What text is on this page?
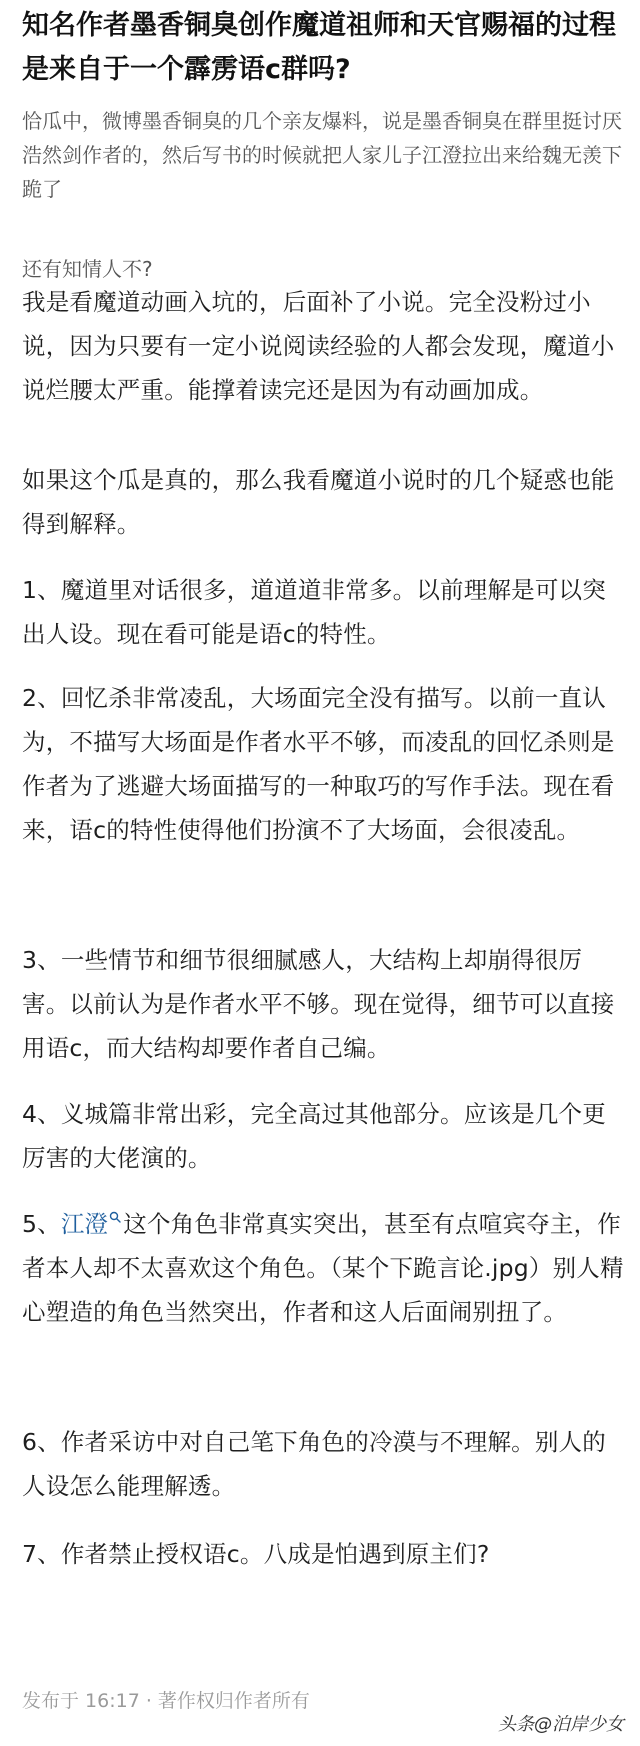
知名作者墨香铜臭创作魔道祖师和天官赐福的过程是来自于一个霹雳语c群吗?

恰瓜中，微博墨香铜臭的几个亲友爆料，说是墨香铜臭在群里挺讨厌浩然剑作者的，然后写书的时候就把人家儿子江澄拉出来给魏无羡下跪了

还有知情人不?

我是看魔道动画入坑的，后面补了小说。完全没粉过小说，因为只要有一定小说阅读经验的人都会发现，魔道小说烂腰太严重。能撑着读完还是因为有动画加成。

如果这个瓜是真的，那么我看魔道小说时的几个疑惑也能得到解释。

1、魔道里对话很多，道道道非常多。以前理解是可以突出人设。现在看可能是语c的特性。

2、回忆杀非常凌乱，大场面完全没有描写。以前一直认为，不描写大场面是作者水平不够，而凌乱的回忆杀则是作者为了逃避大场面描写的一种取巧的写作手法。现在看来，语c的特性使得他们扮演不了大场面，会很凌乱。

3、一些情节和细节很细腻感人，大结构上却崩得很厉害。以前认为是作者水平不够。现在觉得，细节可以直接用语c，而大结构却要作者自己编。

4、义城篇非常出彩，完全高过其他部分。应该是几个更厉害的大佬演的。

5、江澄 这个角色非常真实突出，甚至有点喧宾夺主，作者本人却不太喜欢这个角色。（某个下跪言论.jpg）别人精心塑造的角色当然突出，作者和这人后面闹别扭了。

6、作者采访中对自己笔下角色的冷漠与不理解。别人的人设怎么能理解透。

7、作者禁止授权语c。八成是怕遇到原主们?

发布于 16:17 · 著作权归作者所有

头条@泊岸少女
